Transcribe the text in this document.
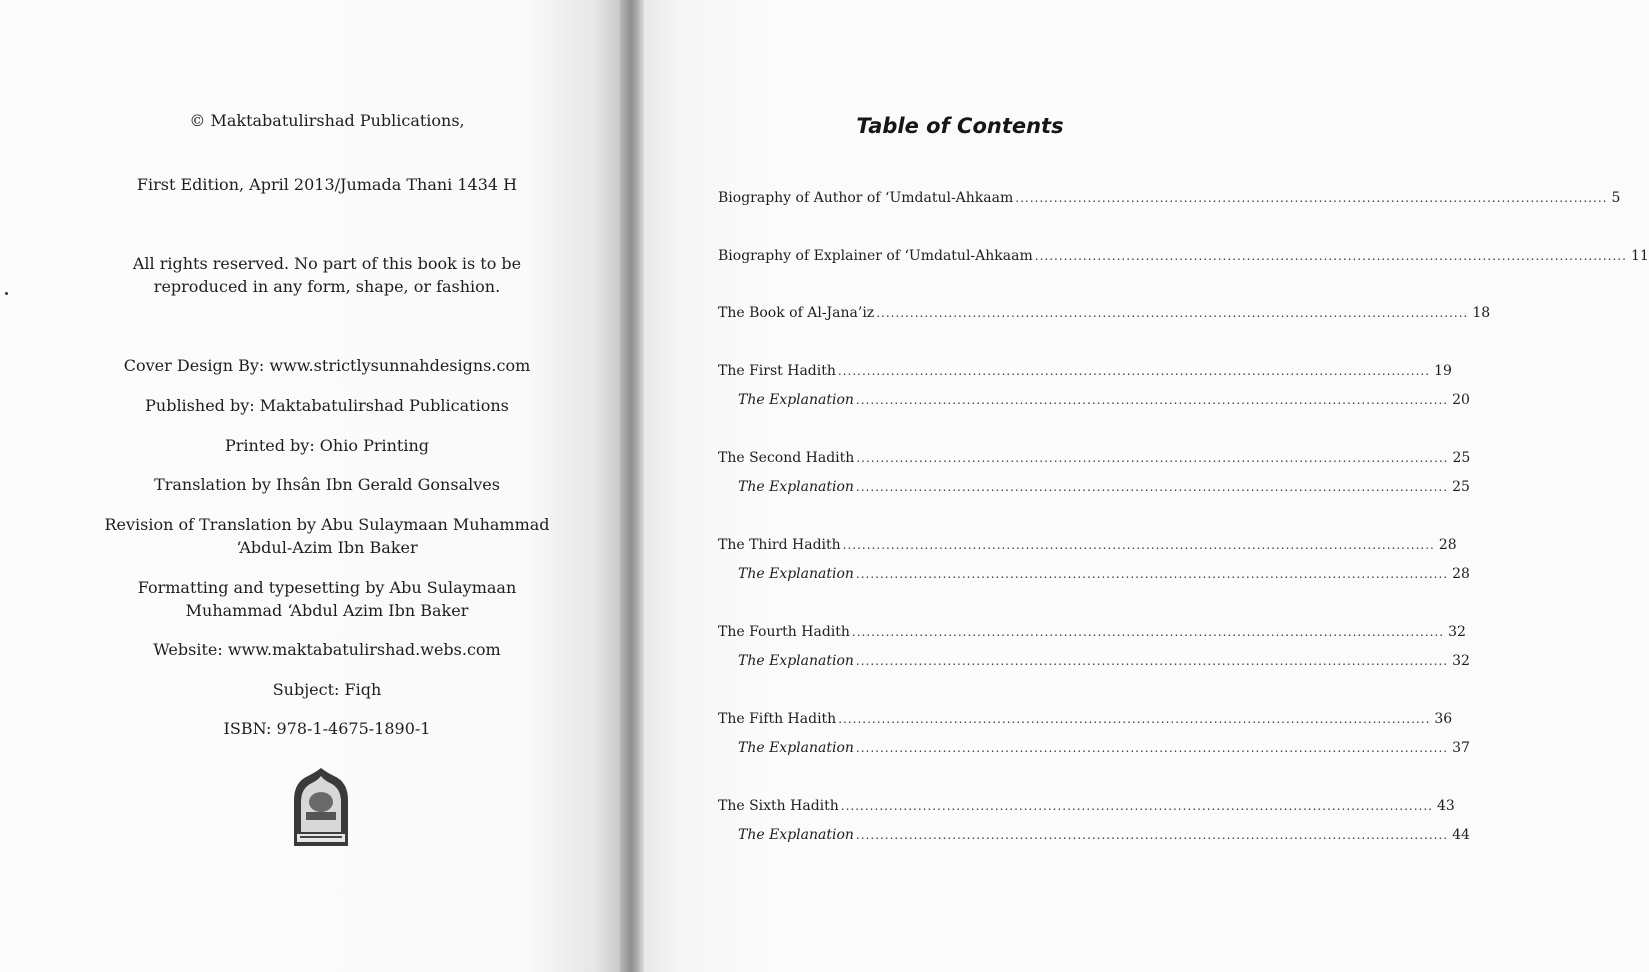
© Maktabatulirshad Publications,
First Edition, April 2013/Jumada Thani 1434 H
All rights reserved. No part of this book is to be
reproduced in any form, shape, or fashion.
Cover Design By: www.strictlysunnahdesigns.com
Published by: Maktabatulirshad Publications
Printed by: Ohio Printing
Translation by Ihsân Ibn Gerald Gonsalves
Revision of Translation by Abu Sulaymaan Muhammad
‘Abdul-Azim Ibn Baker
Formatting and typesetting by Abu Sulaymaan
Muhammad ‘Abdul Azim Ibn Baker
Website: www.maktabatulirshad.webs.com
Subject: Fiqh
ISBN: 978-1-4675-1890-1
Table of Contents
Biography of Author of ‘Umdatul-Ahkaam ........................................................................................................................... 5
Biography of Explainer of ‘Umdatul-Ahkaam ........................................................................................................................... 11
The Book of Al-Jana’iz ........................................................................................................................... 18
The First Hadith ........................................................................................................................... 19
The Explanation ........................................................................................................................... 20
The Second Hadith ........................................................................................................................... 25
The Explanation ........................................................................................................................... 25
The Third Hadith ........................................................................................................................... 28
The Explanation ........................................................................................................................... 28
The Fourth Hadith ........................................................................................................................... 32
The Explanation ........................................................................................................................... 32
The Fifth Hadith ........................................................................................................................... 36
The Explanation ........................................................................................................................... 37
The Sixth Hadith ........................................................................................................................... 43
The Explanation ........................................................................................................................... 44
